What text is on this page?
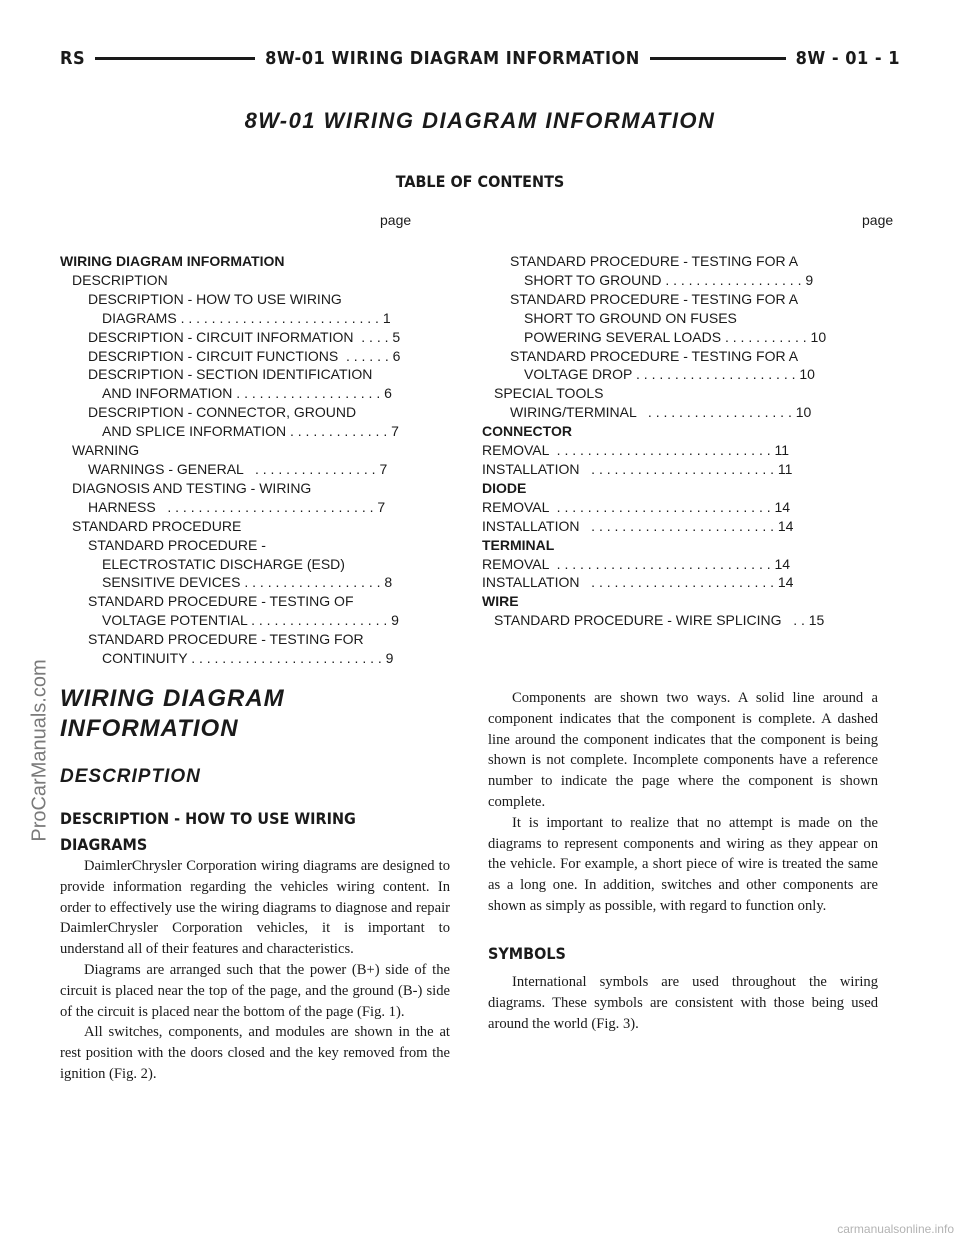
RS	8W-01 WIRING DIAGRAM INFORMATION	8W - 01 - 1
8W-01 WIRING DIAGRAM INFORMATION
TABLE OF CONTENTS
page	page
WIRING DIAGRAM INFORMATION
DESCRIPTION
DESCRIPTION - HOW TO USE WIRING
DIAGRAMS . . . . . . . . . . . . . . . . . . . . . . . . . . 1
DESCRIPTION - CIRCUIT INFORMATION  . . . . 5
DESCRIPTION - CIRCUIT FUNCTIONS  . . . . . . 6
DESCRIPTION - SECTION IDENTIFICATION
AND INFORMATION . . . . . . . . . . . . . . . . . . . 6
DESCRIPTION - CONNECTOR, GROUND
AND SPLICE INFORMATION . . . . . . . . . . . . . 7
WARNING
WARNINGS - GENERAL   . . . . . . . . . . . . . . . . 7
DIAGNOSIS AND TESTING - WIRING
HARNESS   . . . . . . . . . . . . . . . . . . . . . . . . . . . 7
STANDARD PROCEDURE
STANDARD PROCEDURE -
ELECTROSTATIC DISCHARGE (ESD)
SENSITIVE DEVICES . . . . . . . . . . . . . . . . . . 8
STANDARD PROCEDURE - TESTING OF
VOLTAGE POTENTIAL . . . . . . . . . . . . . . . . . . 9
STANDARD PROCEDURE - TESTING FOR
CONTINUITY . . . . . . . . . . . . . . . . . . . . . . . . . 9
STANDARD PROCEDURE - TESTING FOR A
SHORT TO GROUND . . . . . . . . . . . . . . . . . . 9
STANDARD PROCEDURE - TESTING FOR A
SHORT TO GROUND ON FUSES
POWERING SEVERAL LOADS . . . . . . . . . . . 10
STANDARD PROCEDURE - TESTING FOR A
VOLTAGE DROP . . . . . . . . . . . . . . . . . . . . . 10
SPECIAL TOOLS
WIRING/TERMINAL   . . . . . . . . . . . . . . . . . . . 10
CONNECTOR
REMOVAL  . . . . . . . . . . . . . . . . . . . . . . . . . . . . 11
INSTALLATION   . . . . . . . . . . . . . . . . . . . . . . . . 11
DIODE
REMOVAL  . . . . . . . . . . . . . . . . . . . . . . . . . . . . 14
INSTALLATION   . . . . . . . . . . . . . . . . . . . . . . . . 14
TERMINAL
REMOVAL  . . . . . . . . . . . . . . . . . . . . . . . . . . . . 14
INSTALLATION   . . . . . . . . . . . . . . . . . . . . . . . . 14
WIRE
STANDARD PROCEDURE - WIRE SPLICING   . . 15
WIRING DIAGRAM INFORMATION
DESCRIPTION
DESCRIPTION - HOW TO USE WIRING DIAGRAMS

DaimlerChrysler Corporation wiring diagrams are designed to provide information regarding the vehicles wiring content. In order to effectively use the wiring diagrams to diagnose and repair DaimlerChrysler Corporation vehicles, it is important to understand all of their features and characteristics.

Diagrams are arranged such that the power (B+) side of the circuit is placed near the top of the page, and the ground (B-) side of the circuit is placed near the bottom of the page (Fig. 1).

All switches, components, and modules are shown in the at rest position with the doors closed and the key removed from the ignition (Fig. 2).

Components are shown two ways. A solid line around a component indicates that the component is complete. A dashed line around the component indicates that the component is being shown is not complete. Incomplete components have a reference number to indicate the page where the component is shown complete.

It is important to realize that no attempt is made on the diagrams to represent components and wiring as they appear on the vehicle. For example, a short piece of wire is treated the same as a long one. In addition, switches and other components are shown as simply as possible, with regard to function only.

SYMBOLS

International symbols are used throughout the wiring diagrams. These symbols are consistent with those being used around the world (Fig. 3).

ProCarManuals.com
carmanualsonline.info
